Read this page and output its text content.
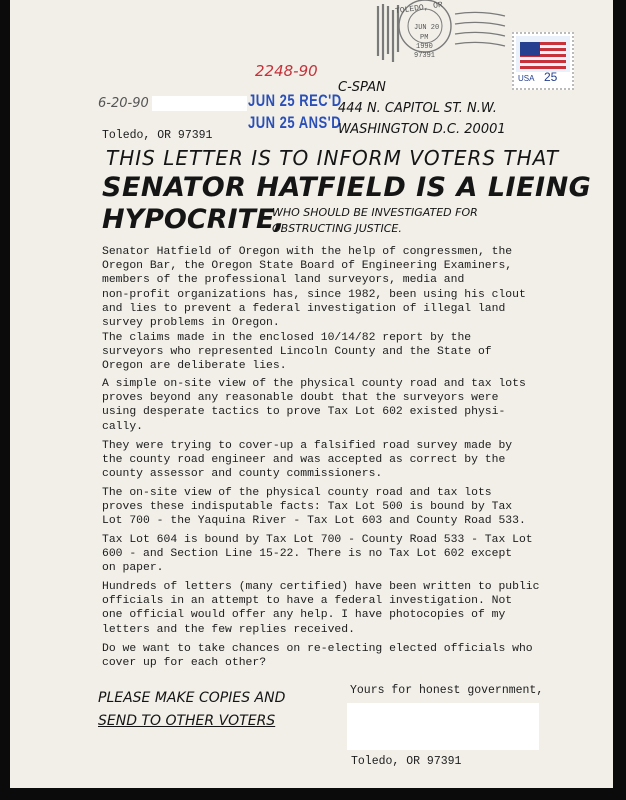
TOLEDO, OR
JUN 20
PM
1990
97391
USA 25
2248-90
6-20-90	JUN 25 REC'D
JUN 25 ANS'D
C-SPAN
444 N. CAPITOL ST. N.W.
WASHINGTON D.C. 20001
Toledo, OR 97391
THIS LETTER IS TO INFORM VOTERS THAT
SENATOR HATFIELD IS A LIEING
HYPOCRITE,
WHO SHOULD BE INVESTIGATED FOR
OBSTRUCTING JUSTICE.
Senator Hatfield of Oregon with the help of congressmen, the
Oregon Bar, the Oregon State Board of Engineering Examiners,
members of the professional land surveyors, media and
non-profit organizations has, since 1982, been using his clout
and lies to prevent a federal investigation of illegal land
survey problems in Oregon.
The claims made in the enclosed 10/14/82 report by the
surveyors who represented Lincoln County and the State of
Oregon are deliberate lies.
A simple on-site view of the physical county road and tax lots
proves beyond any reasonable doubt that the surveyors were
using desperate tactics to prove Tax Lot 602 existed physi-
cally.
They were trying to cover-up a falsified road survey made by
the county road engineer and was accepted as correct by the
county assessor and county commissioners.
The on-site view of the physical county road and tax lots
proves these indisputable facts: Tax Lot 500 is bound by Tax
Lot 700 - the Yaquina River - Tax Lot 603 and County Road 533.
Tax Lot 604 is bound by Tax Lot 700 - County Road 533 - Tax Lot
600 - and Section Line 15-22. There is no Tax Lot 602 except
on paper.
Hundreds of letters (many certified) have been written to public
officials in an attempt to have a federal investigation. Not
one official would offer any help. I have photocopies of my
letters and the few replies received.
Do we want to take chances on re-electing elected officials who
cover up for each other?
Yours for honest government,
PLEASE MAKE COPIES AND
SEND TO OTHER VOTERS
Toledo, OR 97391
